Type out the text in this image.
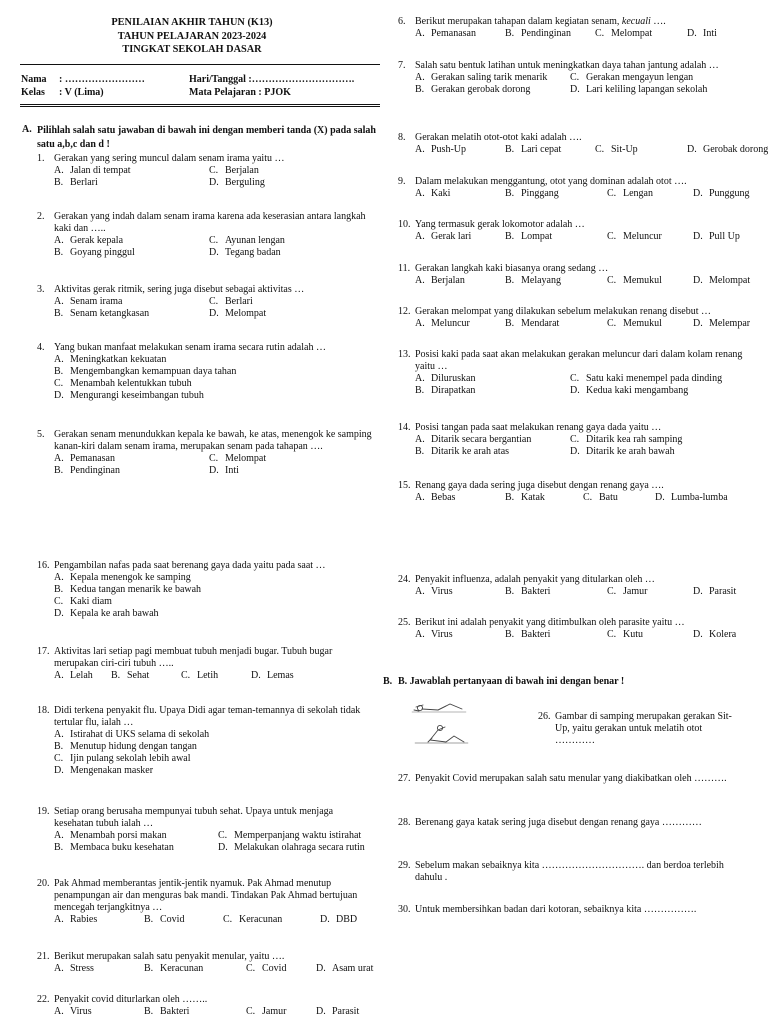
PENILAIAN AKHIR TAHUN (K13)
TAHUN PELAJARAN 2023-2024
TINGKAT SEKOLAH DASAR
Nama : ……………………	Hari/Tanggal :………………………….
Kelas : V (Lima)	Mata Pelajaran : PJOK
A. Pilihlah salah satu jawaban di bawah ini dengan memberi tanda (X) pada salah satu a,b,c dan d !
1. Gerakan yang sering muncul dalam senam irama yaitu …
A. Jalan di tempat	C. Berjalan
B. Berlari	D. Berguling
2. Gerakan yang indah dalam senam irama karena ada keserasian antara langkah kaki dan …..
A. Gerak kepala	C. Ayunan lengan
B. Goyang pinggul	D. Tegang badan
3. Aktivitas gerak ritmik, sering juga disebut sebagai aktivitas …
A. Senam irama	C. Berlari
B. Senam ketangkasan	D. Melompat
4. Yang bukan manfaat melakukan senam irama secara rutin adalah …
A. Meningkatkan kekuatan
B. Mengembangkan kemampuan daya tahan
C. Menambah kelentukkan tubuh
D. Mengurangi keseimbangan tubuh
5. Gerakan senam menundukkan kepala ke bawah, ke atas, menengok ke samping kanan-kiri dalam senam irama, merupakan senam pada tahapan ….
A. Pemanasan	C. Melompat
B. Pendinginan	D. Inti
6. Berikut merupakan tahapan dalam kegiatan senam, kecuali ….
A. Pemanasan	B. Pendinginan	C. Melompat	D. Inti
7. Salah satu bentuk latihan untuk meningkatkan daya tahan jantung adalah …
A. Gerakan saling tarik menarik	C. Gerakan mengayun lengan
B. Gerakan gerobak dorong	D. Lari keliling lapangan sekolah
8. Gerakan melatih otot-otot kaki adalah ….
A. Push-Up	B. Lari cepat	C. Sit-Up	D. Gerobak dorong
9. Dalam melakukan menggantung, otot yang dominan adalah otot ….
A. Kaki	B. Pinggang	C. Lengan	D. Punggung
10. Yang termasuk gerak lokomotor adalah …
A. Gerak lari	B. Lompat	C. Meluncur	D. Pull Up
11. Gerakan langkah kaki biasanya orang sedang …
A. Berjalan	B. Melayang	C. Memukul	D. Melompat
12. Gerakan melompat yang dilakukan sebelum melakukan renang disebut …
A. Meluncur	B. Mendarat	C. Memukul	D. Melempar
13. Posisi kaki pada saat akan melakukan gerakan meluncur dari dalam kolam renang yaitu …
A. Diluruskan	C. Satu kaki menempel pada dinding
B. Dirapatkan	D. Kedua kaki mengambang
14. Posisi tangan pada saat melakukan renang gaya dada yaitu …
A. Ditarik secara bergantian	C. Ditarik kea rah samping
B. Ditarik ke arah atas	D. Ditarik ke arah bawah
15. Renang gaya dada sering juga disebut dengan renang gaya ….
A. Bebas	B. Katak	C. Batu	D. Lumba-lumba
16. Pengambilan nafas pada saat berenang gaya dada yaitu pada saat …
A. Kepala menengok ke samping
B. Kedua tangan menarik ke bawah
C. Kaki diam
D. Kepala ke arah bawah
17. Aktivitas lari setiap pagi membuat tubuh menjadi bugar. Tubuh bugar merupakan ciri-ciri tubuh …..
A. Lelah	B. Sehat	C. Letih	D. Lemas
18. Didi terkena penyakit flu. Upaya Didi agar teman-temannya di sekolah tidak tertular flu, ialah …
A. Istirahat di UKS selama di sekolah
B. Menutup hidung dengan tangan
C. Ijin pulang sekolah lebih awal
D. Mengenakan masker
19. Setiap orang berusaha mempunyai tubuh sehat. Upaya untuk menjaga kesehatan tubuh ialah …
A. Menambah porsi makan	C. Memperpanjang waktu istirahat
B. Membaca buku kesehatan	D. Melakukan olahraga secara rutin
20. Pak Ahmad memberantas jentik-jentik nyamuk. Pak Ahmad menutup penampungan air dan menguras bak mandi. Tindakan Pak Ahmad bertujuan mencegah terjangkitnya …
A. Rabies	B. Covid	C. Keracunan	D. DBD
21. Berikut merupakan salah satu penyakit menular, yaitu ….
A. Stress	B. Keracunan	C. Covid	D. Asam urat
22. Penyakit covid diturlarkan oleh ……..
A. Virus	B. Bakteri	C. Jamur	D. Parasit
24. Penyakit influenza, adalah penyakit yang ditularkan oleh …
A. Virus	B. Bakteri	C. Jamur	D. Parasit
25. Berikut ini adalah penyakit yang ditimbulkan oleh parasite yaitu …
A. Virus	B. Bakteri	C. Kutu	D. Kolera
B. B. Jawablah pertanyaan di bawah ini dengan benar !
26. Gambar di samping merupakan gerakan Sit-Up, yaitu gerakan untuk melatih otot …………
27. Penyakit Covid merupakan salah satu menular yang diakibatkan oleh ……….
28. Berenang gaya katak sering juga disebut dengan renang gaya …………
29. Sebelum makan sebaiknya kita …………………………. dan berdoa terlebih dahulu .
30. Untuk membersihkan badan dari kotoran, sebaiknya kita …………….
